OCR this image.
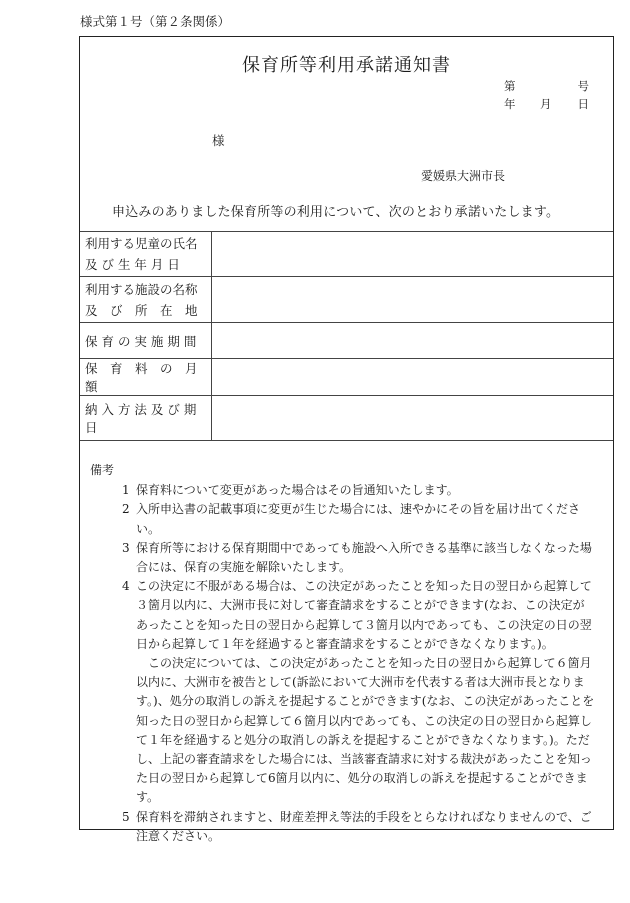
様式第１号（第２条関係）
保育所等利用承諾通知書
第	号
年 月 日
様
愛媛県大洲市長
申込みのありました保育所等の利用について、次のとおり承諾いたします。
利用する児童の氏名
及 び 生 年 月 日	

利用する施設の名称
及　び　所　在　地	

保 育 の 実 施 期 間	
保　育　料　の　月　額	
納 入 方 法 及 び 期 日	
備考
1 保育料について変更があった場合はその旨通知いたします。
2 入所申込書の記載事項に変更が生じた場合には、速やかにその旨を届け出てください。
3 保育所等における保育期間中であっても施設へ入所できる基準に該当しなくなった場合には、保育の実施を解除いたします。
4 この決定に不服がある場合は、この決定があったことを知った日の翌日から起算して３箇月以内に、大洲市長に対して審査請求をすることができます(なお、この決定があったことを知った日の翌日から起算して３箇月以内であっても、この決定の日の翌日から起算して１年を経過すると審査請求をすることができなくなります。)。
この決定については、この決定があったことを知った日の翌日から起算して６箇月以内に、大洲市を被告として(訴訟において大洲市を代表する者は大洲市長となります。)、処分の取消しの訴えを提起することができます(なお、この決定があったことを知った日の翌日から起算して６箇月以内であっても、この決定の日の翌日から起算して１年を経過すると処分の取消しの訴えを提起することができなくなります。)。ただし、上記の審査請求をした場合には、当該審査請求に対する裁決があったことを知った日の翌日から起算して6箇月以内に、処分の取消しの訴えを提起することができます。
5 保育料を滞納されますと、財産差押え等法的手段をとらなければなりませんので、ご注意ください。
